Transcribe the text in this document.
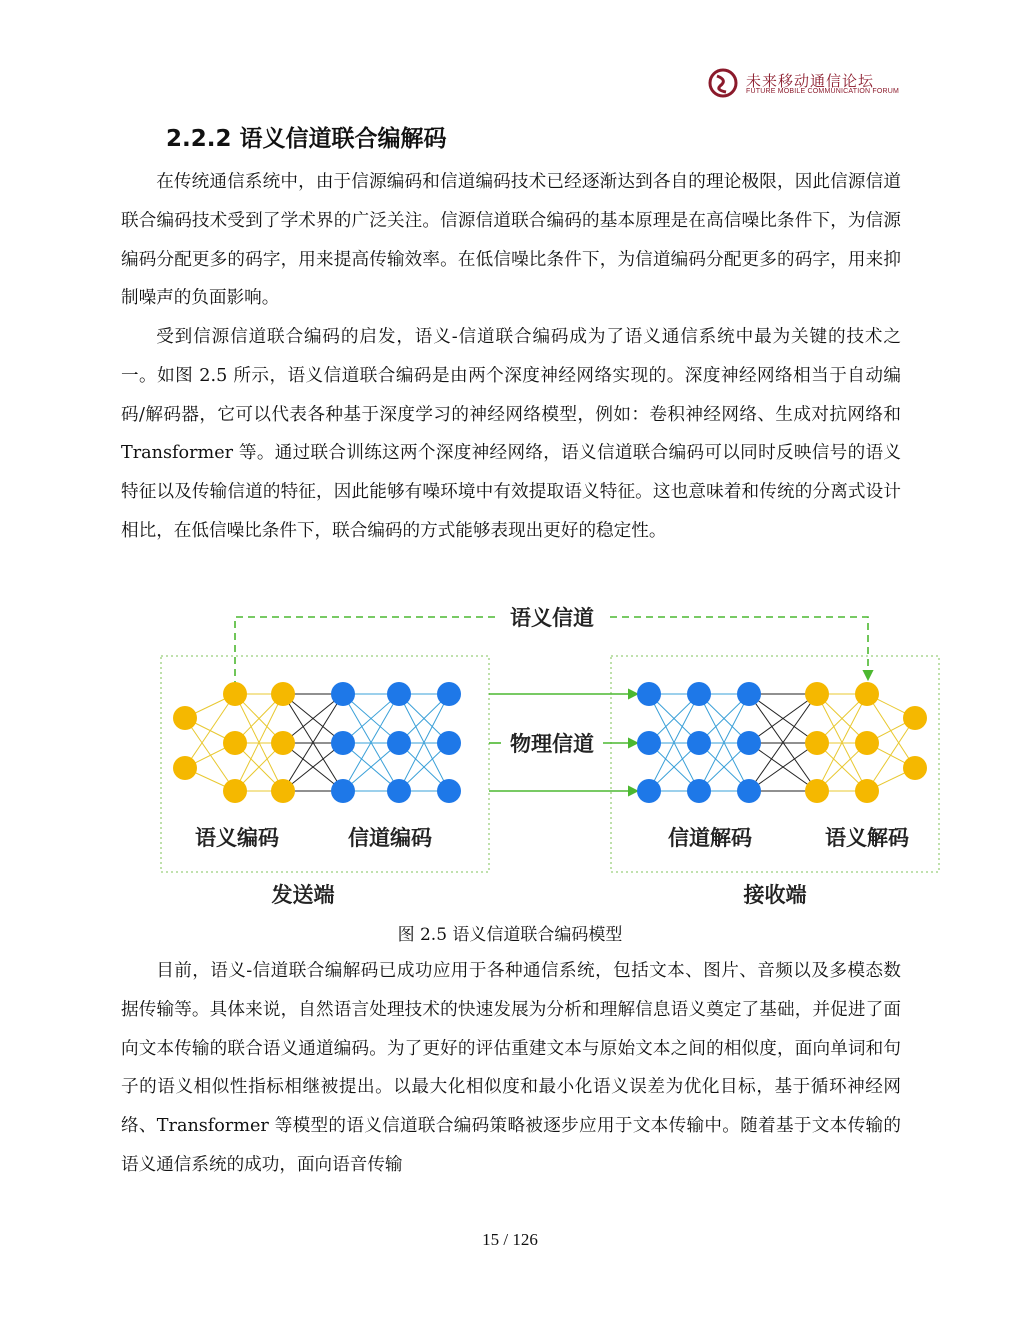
未来移动通信论坛
FUTURE MOBILE COMMUNICATION FORUM
2.2.2 语义信道联合编解码

在传统通信系统中，由于信源编码和信道编码技术已经逐渐达到各自的理论极限，因此信源信道联合编码技术受到了学术界的广泛关注。信源信道联合编码的基本原理是在高信噪比条件下，为信源编码分配更多的码字，用来提高传输效率。在低信噪比条件下，为信道编码分配更多的码字，用来抑制噪声的负面影响。

受到信源信道联合编码的启发，语义-信道联合编码成为了语义通信系统中最为关键的技术之一。如图 2.5 所示，语义信道联合编码是由两个深度神经网络实现的。深度神经网络相当于自动编码/解码器，它可以代表各种基于深度学习的神经网络模型，例如：卷积神经网络、生成对抗网络和 Transformer 等。通过联合训练这两个深度神经网络，语义信道联合编码可以同时反映信号的语义特征以及传输信道的特征，因此能够有噪环境中有效提取语义特征。这也意味着和传统的分离式设计相比，在低信噪比条件下，联合编码的方式能够表现出更好的稳定性。

语义信道
物理信道
语义编码	信道编码	信道解码	语义解码
发送端	接收端

图 2.5 语义信道联合编码模型

目前，语义-信道联合编解码已成功应用于各种通信系统，包括文本、图片、音频以及多模态数据传输等。具体来说，自然语言处理技术的快速发展为分析和理解信息语义奠定了基础，并促进了面向文本传输的联合语义通道编码。为了更好的评估重建文本与原始文本之间的相似度，面向单词和句子的语义相似性指标相继被提出。以最大化相似度和最小化语义误差为优化目标，基于循环神经网络、Transformer 等模型的语义信道联合编码策略被逐步应用于文本传输中。随着基于文本传输的语义通信系统的成功，面向语音传输

15 / 126
